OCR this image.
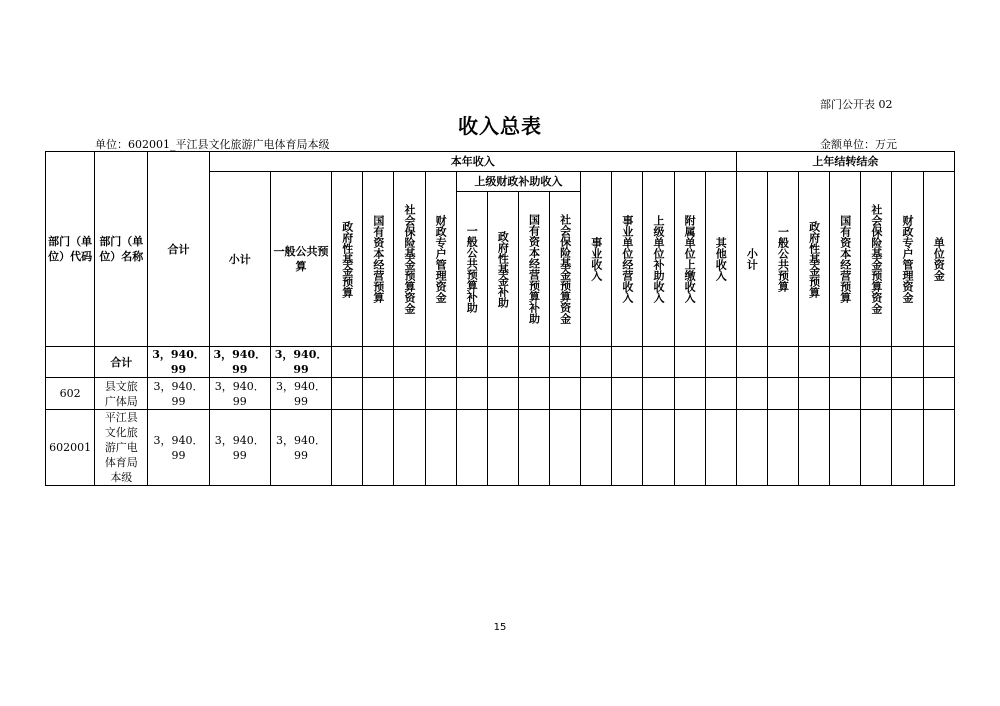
部门公开表 02
收入总表
单位：602001_平江县文化旅游广电体育局本级	金额单位：万元
部门（单位）代码	部门（单位）名称	合计	本年收入															上年结转结余						
			小计	一般公共预算	政府性基金预算	国有资本经营预算	社会保险基金预算资金	财政专户管理资金	上级财政补助收入				事业收入	事业单位经营收入	上级单位补助收入	附属单位上缴收入	其他收入	小计	一般公共预算	政府性基金预算	国有资本经营预算	社会保险基金预算资金	财政专户管理资金	单位资金
									一般公共预算补助	政府性基金补助	国有资本经营预算补助	社会保险基金预算资金												
	合计	3，940．99	3，940．99	3，940．99																				
602	县文旅广体局	3，940．99	3，940．99	3，940．99																				
602001	平江县文化旅游广电体育局本级	3，940．99	3，940．99	3，940．99																				
15
